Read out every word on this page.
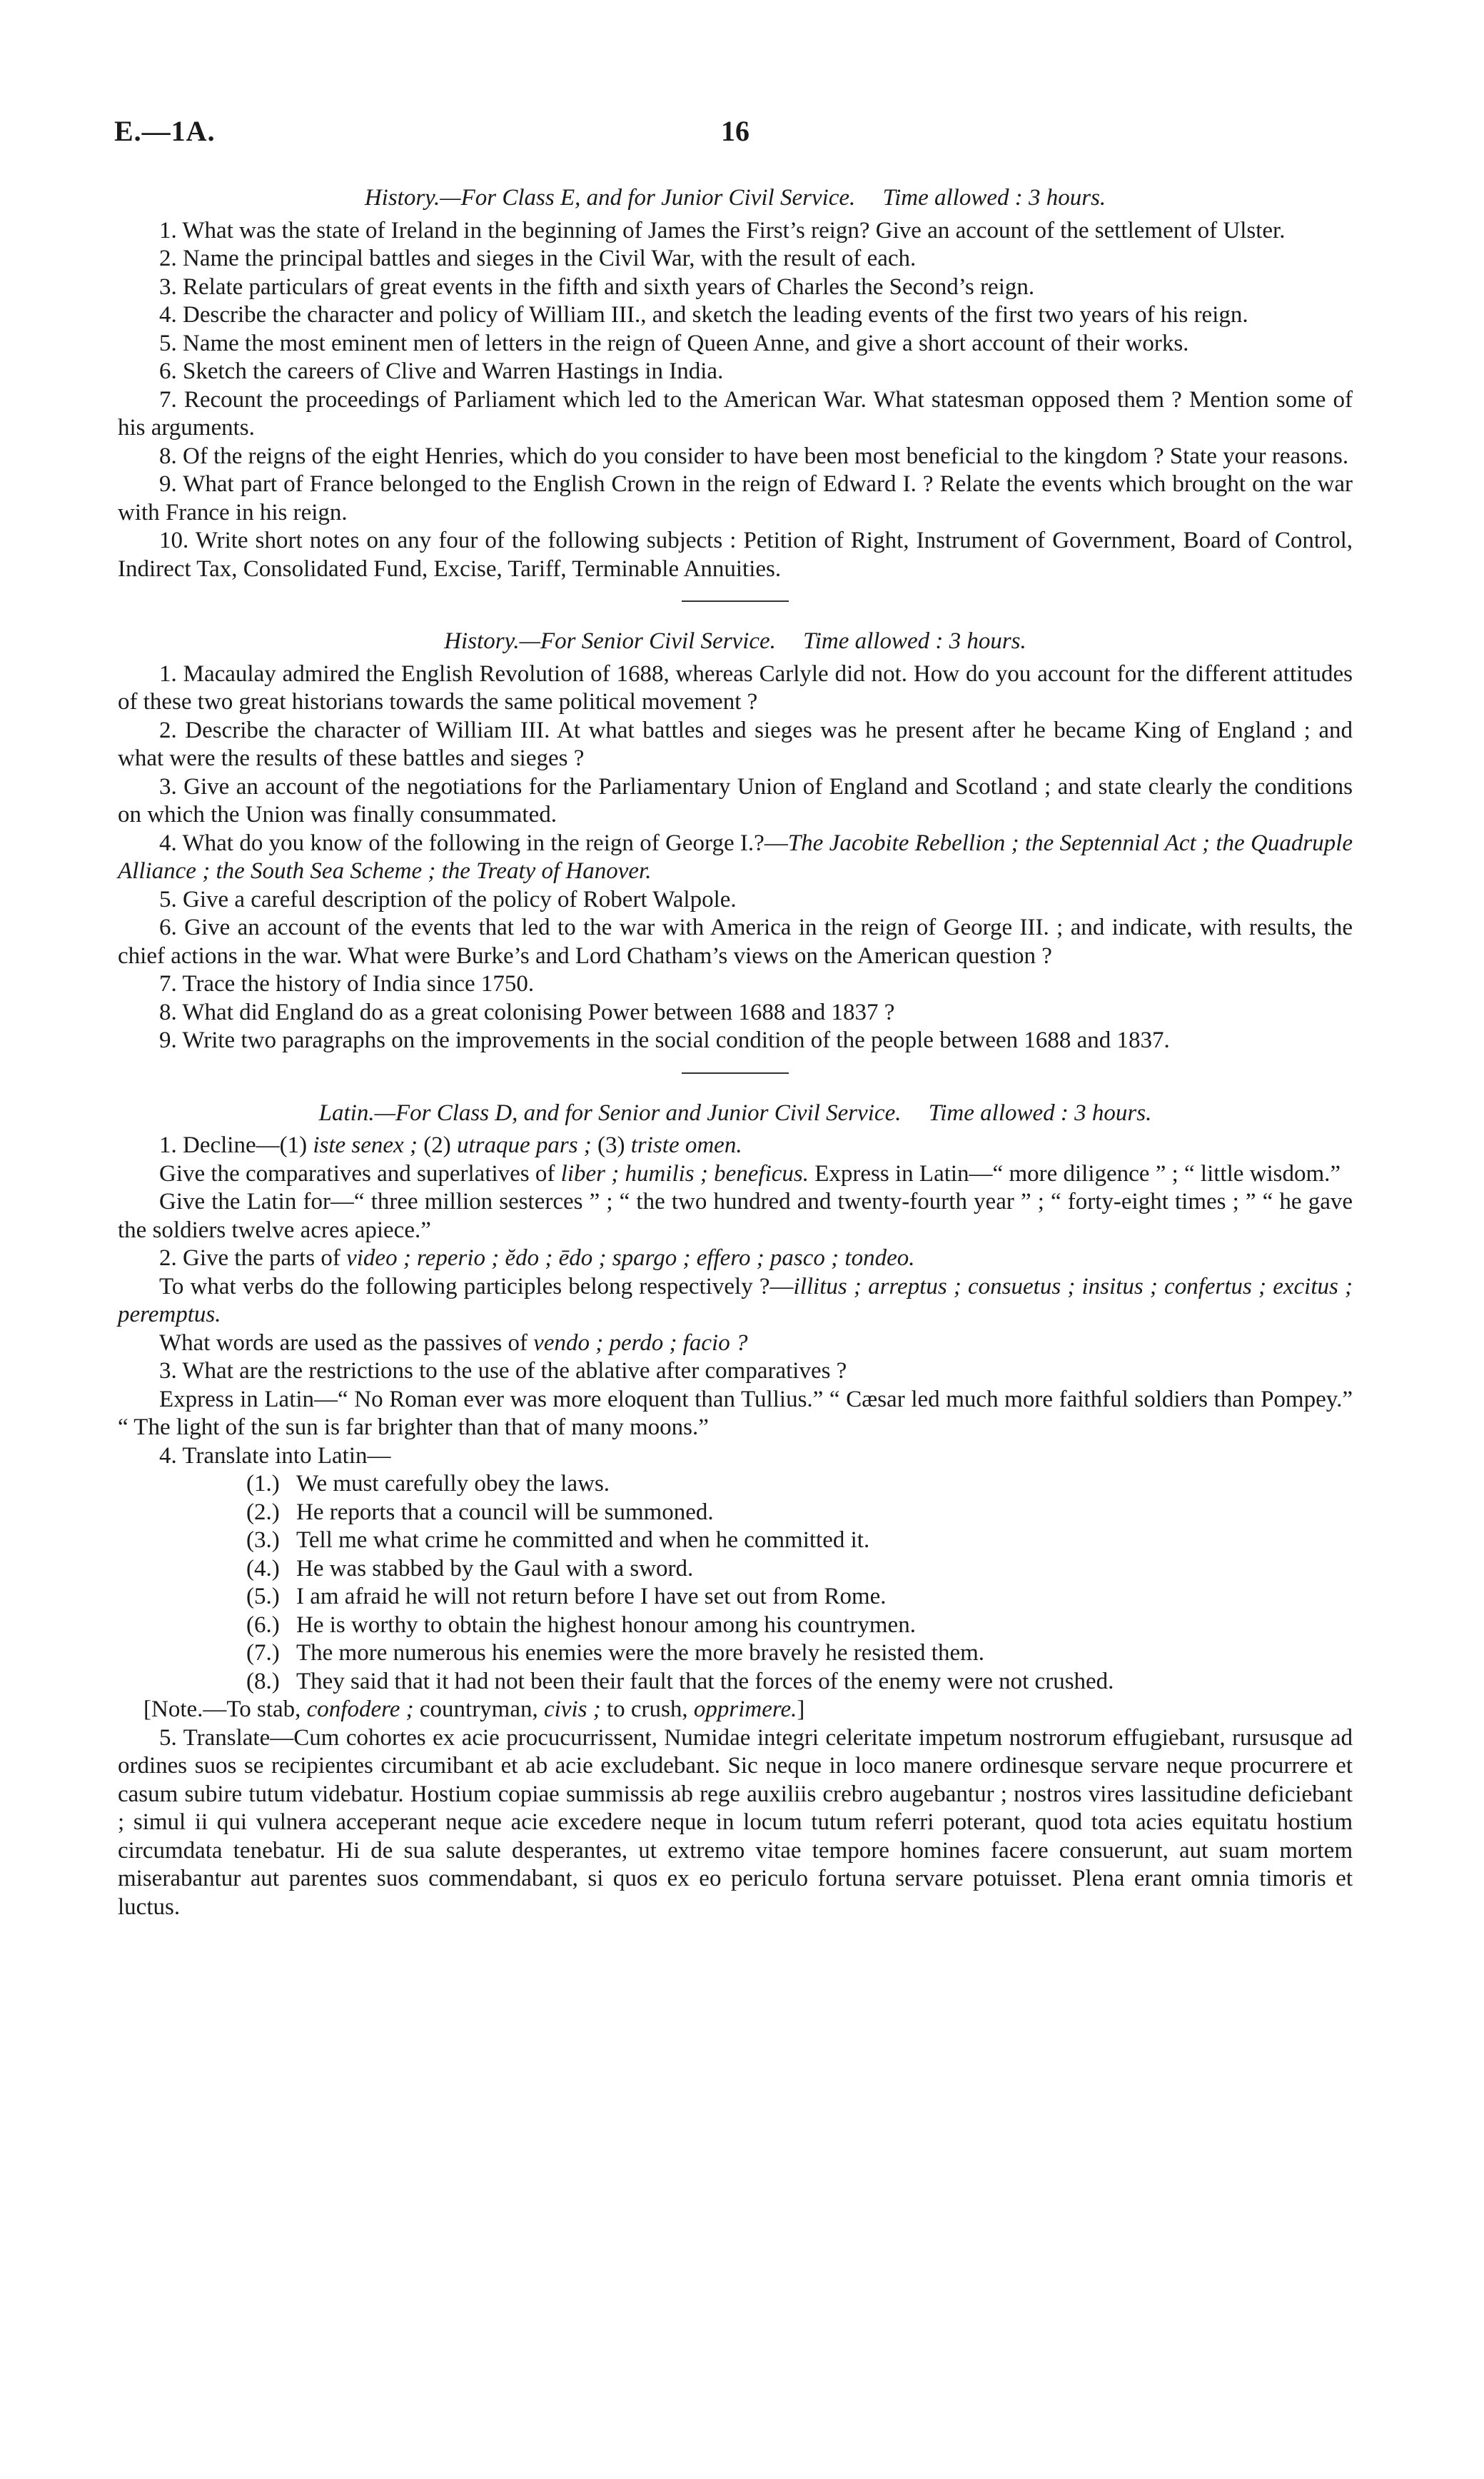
E.—1A.	16
History.—For Class E, and for Junior Civil Service. Time allowed : 3 hours.

1. What was the state of Ireland in the beginning of James the First’s reign? Give an account of the settlement of Ulster.

2. Name the principal battles and sieges in the Civil War, with the result of each.

3. Relate particulars of great events in the fifth and sixth years of Charles the Second’s reign.

4. Describe the character and policy of William III., and sketch the leading events of the first two years of his reign.

5. Name the most eminent men of letters in the reign of Queen Anne, and give a short account of their works.

6. Sketch the careers of Clive and Warren Hastings in India.

7. Recount the proceedings of Parliament which led to the American War. What statesman opposed them ? Mention some of his arguments.

8. Of the reigns of the eight Henries, which do you consider to have been most beneficial to the kingdom ? State your reasons.

9. What part of France belonged to the English Crown in the reign of Edward I. ? Relate the events which brought on the war with France in his reign.

10. Write short notes on any four of the following subjects : Petition of Right, Instrument of Government, Board of Control, Indirect Tax, Consolidated Fund, Excise, Tariff, Terminable Annuities.

History.—For Senior Civil Service. Time allowed : 3 hours.

1. Macaulay admired the English Revolution of 1688, whereas Carlyle did not. How do you account for the different attitudes of these two great historians towards the same political movement ?

2. Describe the character of William III. At what battles and sieges was he present after he became King of England ; and what were the results of these battles and sieges ?

3. Give an account of the negotiations for the Parliamentary Union of England and Scotland ; and state clearly the conditions on which the Union was finally consummated.

4. What do you know of the following in the reign of George I.?—The Jacobite Rebellion ; the Septennial Act ; the Quadruple Alliance ; the South Sea Scheme ; the Treaty of Hanover.

5. Give a careful description of the policy of Robert Walpole.

6. Give an account of the events that led to the war with America in the reign of George III. ; and indicate, with results, the chief actions in the war. What were Burke’s and Lord Chatham’s views on the American question ?

7. Trace the history of India since 1750.

8. What did England do as a great colonising Power between 1688 and 1837 ?

9. Write two paragraphs on the improvements in the social condition of the people between 1688 and 1837.

Latin.—For Class D, and for Senior and Junior Civil Service. Time allowed : 3 hours.

1. Decline—(1) iste senex ; (2) utraque pars ; (3) triste omen.

Give the comparatives and superlatives of liber ; humilis ; beneficus. Express in Latin—“ more diligence ” ; “ little wisdom.”

Give the Latin for—“ three million sesterces ” ; “ the two hundred and twenty-fourth year ” ; “ forty-eight times ; ” “ he gave the soldiers twelve acres apiece.”

2. Give the parts of video ; reperio ; ĕdo ; ēdo ; spargo ; effero ; pasco ; tondeo.

To what verbs do the following participles belong respectively ?—illitus ; arreptus ; consuetus ; insitus ; confertus ; excitus ; peremptus.

What words are used as the passives of vendo ; perdo ; facio ?

3. What are the restrictions to the use of the ablative after comparatives ?

Express in Latin—“ No Roman ever was more eloquent than Tullius.” “ Cæsar led much more faithful soldiers than Pompey.” “ The light of the sun is far brighter than that of many moons.”

4. Translate into Latin—

(1.) We must carefully obey the laws.
(2.) He reports that a council will be summoned.
(3.) Tell me what crime he committed and when he committed it.
(4.) He was stabbed by the Gaul with a sword.
(5.) I am afraid he will not return before I have set out from Rome.
(6.) He is worthy to obtain the highest honour among his countrymen.
(7.) The more numerous his enemies were the more bravely he resisted them.
(8.) They said that it had not been their fault that the forces of the enemy were not crushed.

[Note.—To stab, confodere ; countryman, civis ; to crush, opprimere.]

5. Translate—Cum cohortes ex acie procucurrissent, Numidae integri celeritate impetum nostrorum effugiebant, rursusque ad ordines suos se recipientes circumibant et ab acie excludebant. Sic neque in loco manere ordinesque servare neque procurrere et casum subire tutum videbatur. Hostium copiae summissis ab rege auxiliis crebro augebantur ; nostros vires lassitudine deficiebant ; simul ii qui vulnera acceperant neque acie excedere neque in locum tutum referri poterant, quod tota acies equitatu hostium circumdata tenebatur. Hi de sua salute desperantes, ut extremo vitae tempore homines facere consuerunt, aut suam mortem miserabantur aut parentes suos commendabant, si quos ex eo periculo fortuna servare potuisset. Plena erant omnia timoris et luctus.
